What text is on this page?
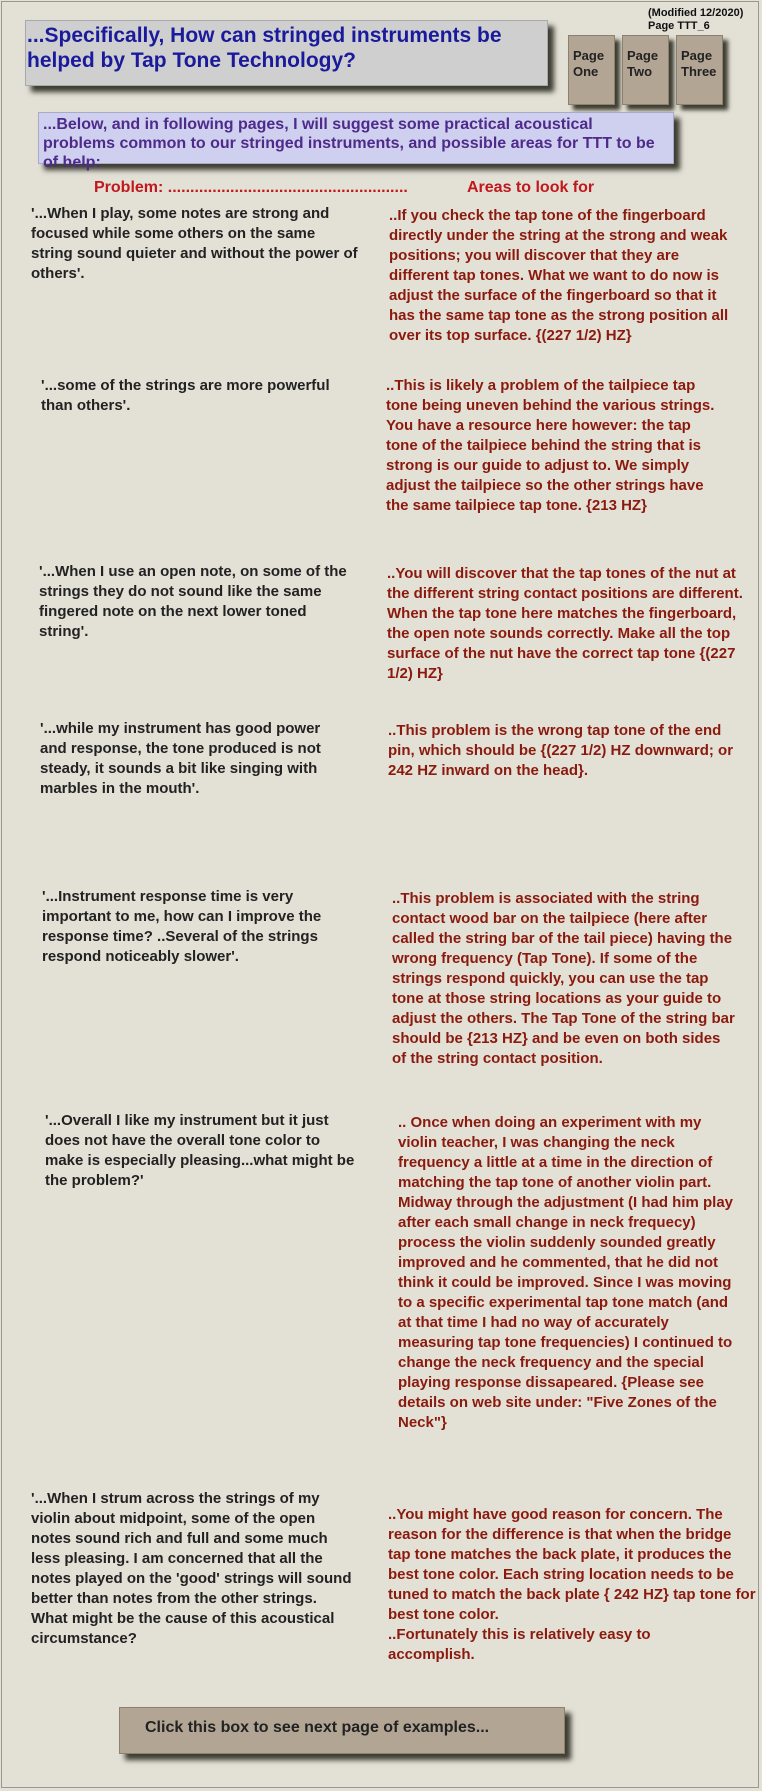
...Specifically, How can stringed instruments be helped by Tap Tone Technology?
(Modified 12/2020)
Page TTT_6
Page One
Page Two
Page Three
...Below, and in following pages, I will suggest some practical acoustical problems common to our stringed instruments, and possible areas for TTT to be of help:
Problem: ......................................................	Areas to look for
'...When I play, some notes are strong and focused while some others on the same string sound quieter and without the power of others'.
..If you check the tap tone of the fingerboard directly under the string at the strong and weak positions; you will discover that they are different tap tones. What we want to do now is adjust the surface of the fingerboard so that it has the same tap tone as the strong position all over its top surface. {(227 1/2) HZ}
'...some of the strings are more powerful than others'.
..This is likely a problem of the tailpiece tap tone being uneven behind the various strings. You have a resource here however: the tap tone of the tailpiece behind the string that is strong is our guide to adjust to. We simply adjust the tailpiece so the other strings have the same tailpiece tap tone. {213 HZ}
'...When I use an open note, on some of the strings they do not sound like the same fingered note on the next lower toned string'.
..You will discover that the tap tones of the nut at the different string contact positions are different. When the tap tone here matches the fingerboard, the open note sounds correctly. Make all the top surface of the nut have the correct tap tone {(227 1/2) HZ}
'...while my instrument has good power and response, the tone produced is not steady, it sounds a bit like singing with marbles in the mouth'.
..This problem is the wrong tap tone of the end pin, which should be {(227 1/2) HZ downward; or 242 HZ inward on the head}.
'...Instrument response time is very important to me, how can I improve the response time? ..Several of the strings respond noticeably slower'.
..This problem is associated with the string contact wood bar on the tailpiece (here after called the string bar of the tail piece) having the wrong frequency (Tap Tone). If some of the strings respond quickly, you can use the tap tone at those string locations as your guide to adjust the others. The Tap Tone of the string bar should be {213 HZ} and be even on both sides of the string contact position.
'...Overall I like my instrument but it just does not have the overall tone color to make is especially pleasing...what might be the problem?'
.. Once when doing an experiment with my violin teacher, I was changing the neck frequency a little at a time in the direction of matching the tap tone of another violin part. Midway through the adjustment (I had him play after each small change in neck frequecy) process the violin suddenly sounded greatly improved and he commented, that he did not think it could be improved. Since I was moving to a specific experimental tap tone match (and at that time I had no way of accurately measuring tap tone frequencies) I continued to change the neck frequency and the special playing response dissapeared. {Please see details on web site under: "Five Zones of the Neck"}
'...When I strum across the strings of my violin about midpoint, some of the open notes sound rich and full and some much less pleasing. I am concerned that all the notes played on the 'good' strings will sound better than notes from the other strings. What might be the cause of this acoustical circumstance?
..You might have good reason for concern. The reason for the difference is that when the bridge tap tone matches the back plate, it produces the best tone color. Each string location needs to be tuned to match the back plate { 242 HZ} tap tone for best tone color.
..Fortunately this is relatively easy to accomplish.
Click this box to see next page of examples...
